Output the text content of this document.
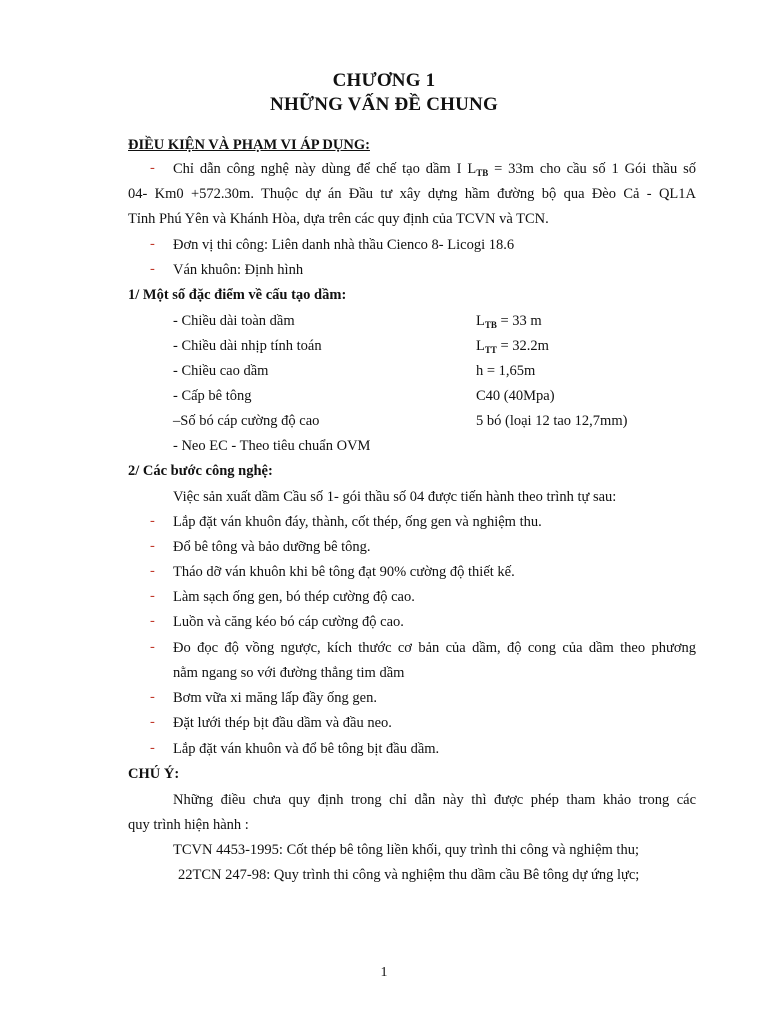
CHƯƠNG 1
NHỮNG VẤN ĐỀ CHUNG
ĐIỀU KIỆN VÀ PHẠM VI ÁP DỤNG:
- Chỉ dẫn công nghệ này dùng để chế tạo dầm I $L_{TB} = 33m$ cho cầu số 1 Gói thầu số
04- Km0 +572.30m. Thuộc dự án Đầu tư xây dựng hầm đường bộ qua Đèo Cả - QL1A
Tỉnh Phú Yên và Khánh Hòa, dựa trên các quy định của TCVN và TCN.
- Đơn vị thi công: Liên danh nhà thầu Cienco 8- Licogi 18.6
- Ván khuôn: Định hình
1/ Một số đặc điểm về cấu tạo dầm:
- Chiều dài toàn dầm	$L_{TB} = 33$ m
- Chiều dài nhịp tính toán	$L_{TT} = 32.2m$
- Chiều cao dầm	h = 1,65m
- Cấp bê tông	C40 (40Mpa)
–Số bó cáp cường độ cao	5 bó (loại 12 tao 12,7mm)
- Neo EC - Theo tiêu chuẩn OVM
2/ Các bước công nghệ:
Việc sản xuất dầm Cầu số 1- gói thầu số 04 được tiến hành theo trình tự sau:
- Lắp đặt ván khuôn đáy, thành, cốt thép, ống gen và nghiệm thu.
- Đổ bê tông và bảo dưỡng bê tông.
- Tháo dỡ ván khuôn khi bê tông đạt 90% cường độ thiết kế.
- Làm sạch ống gen, bó thép cường độ cao.
- Luồn và căng kéo bó cáp cường độ cao.
- Đo đọc độ vồng ngược, kích thước cơ bản của dầm, độ cong của dầm theo phương
nằm ngang so với đường thẳng tim dầm
- Bơm vữa xi măng lấp đầy ống gen.
- Đặt lưới thép bịt đầu dầm và đầu neo.
- Lắp đặt ván khuôn và đổ bê tông bịt đầu dầm.
CHÚ Ý:
Những điều chưa quy định trong chỉ dẫn này thì được phép tham khảo trong các
quy trình hiện hành :
TCVN 4453-1995: Cốt thép bê tông liền khối, quy trình thi công và nghiệm thu;
22TCN 247-98: Quy trình thi công và nghiệm thu dầm cầu Bê tông dự ứng lực;
1
